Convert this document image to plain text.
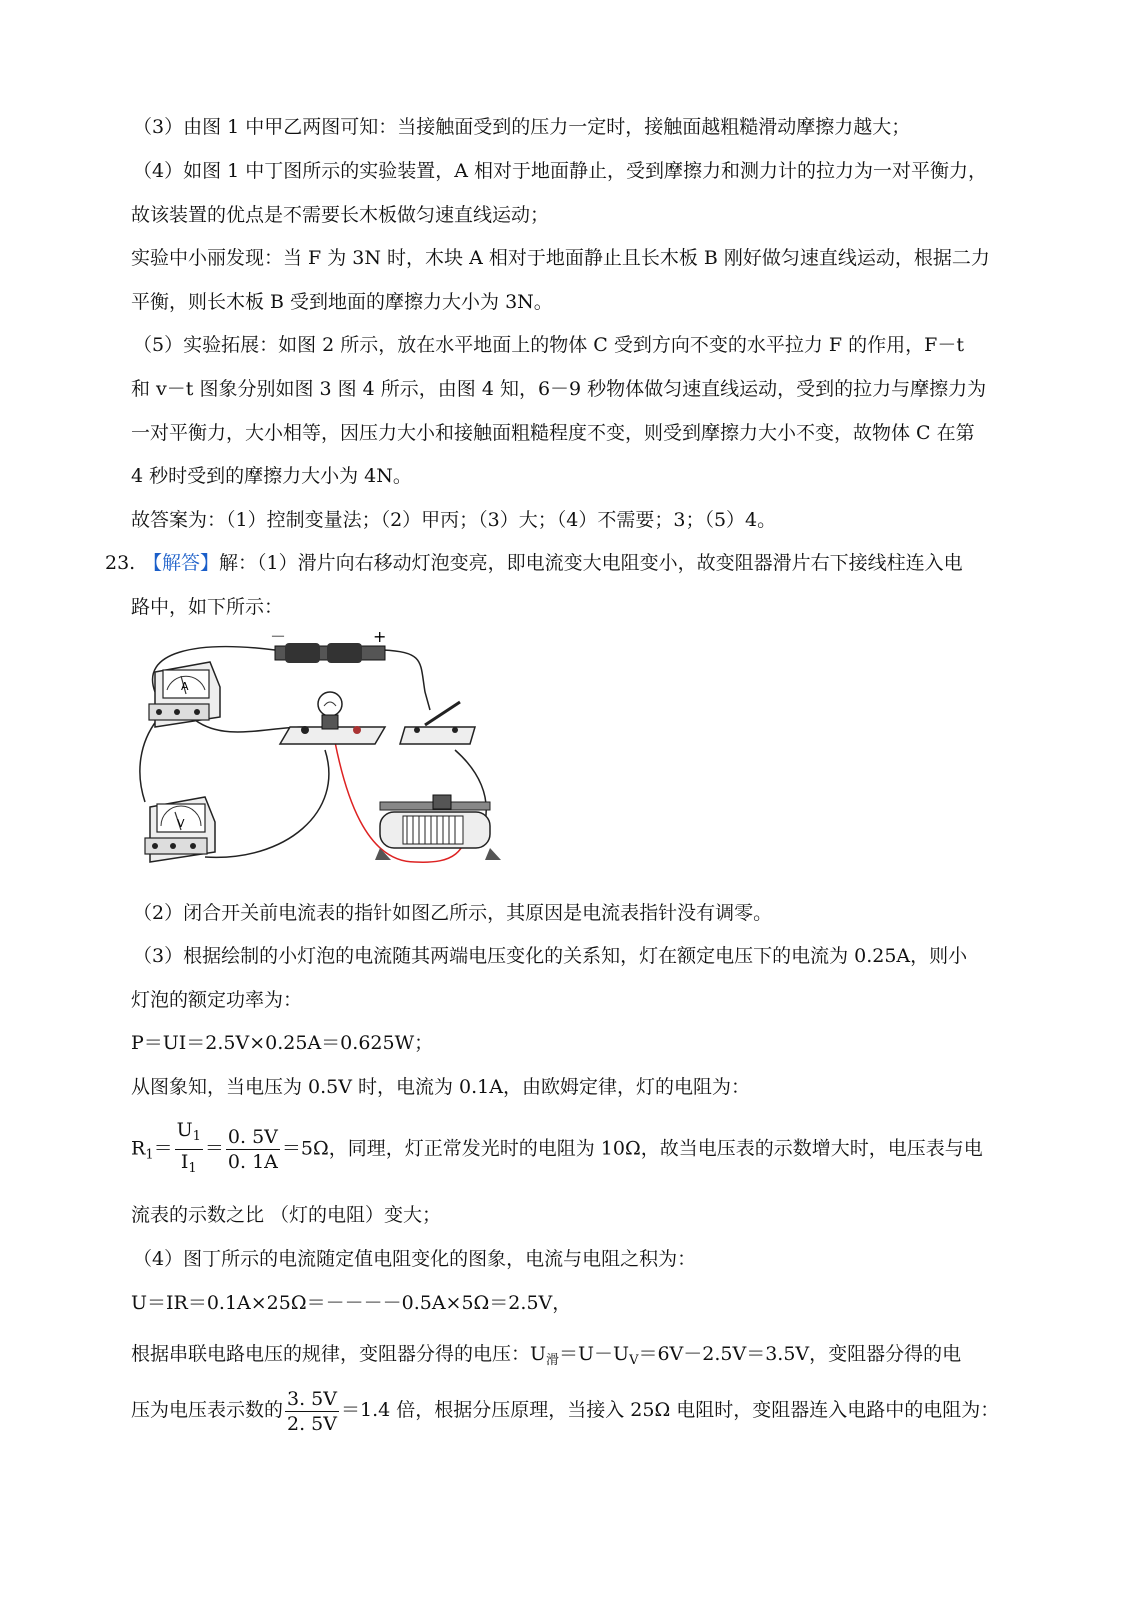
（3）由图 1 中甲乙两图可知：当接触面受到的压力一定时，接触面越粗糙滑动摩擦力越大；
（4）如图 1 中丁图所示的实验装置，A 相对于地面静止，受到摩擦力和测力计的拉力为一对平衡力，
故该装置的优点是不需要长木板做匀速直线运动；
实验中小丽发现：当 F 为 3N 时，木块 A 相对于地面静止且长木板 B 刚好做匀速直线运动，根据二力
平衡，则长木板 B 受到地面的摩擦力大小为 3N。
（5）实验拓展：如图 2 所示，放在水平地面上的物体 C 受到方向不变的水平拉力 F 的作用，F－t
和 v－t 图象分别如图 3 图 4 所示，由图 4 知，6－9 秒物体做匀速直线运动，受到的拉力与摩擦力为
一对平衡力，大小相等，因压力大小和接触面粗糙程度不变，则受到摩擦力大小不变，故物体 C 在第
4 秒时受到的摩擦力大小为 4N。
故答案为：（1）控制变量法；（2）甲丙；（3）大；（4）不需要；3；（5）4。
23. 【解答】解：（1）滑片向右移动灯泡变亮，即电流变大电阻变小，故变阻器滑片右下接线柱连入电
路中，如下所示：
－	+
A
V
（2）闭合开关前电流表的指针如图乙所示，其原因是电流表指针没有调零。
（3）根据绘制的小灯泡的电流随其两端电压变化的关系知，灯在额定电压下的电流为 0.25A，则小
灯泡的额定功率为：
P＝UI＝2.5V×0.25A＝0.625W；
从图象知，当电压为 0.5V 时，电流为 0.1A，由欧姆定律，灯的电阻为：
$R_1= \frac{U_1}{I_1} = \frac{0. 5V}{0. 1A} =5\Omega$，同理，灯正常发光时的电阻为 10Ω，故当电压表的示数增大时，电压表与电
流表的示数之比 （灯的电阻）变大；
（4）图丁所示的电流随定值电阻变化的图象，电流与电阻之积为：
U＝IR＝0.1A×25Ω＝－－－－0.5A×5Ω＝2.5V，
根据串联电路电压的规律，变阻器分得的电压：$U_滑=U-U_V=6V-2.5V=3.5V$，变阻器分得的电
压为电压表示数的 $\frac{3. 5V}{2. 5V} =1.4$ 倍，根据分压原理，当接入 25Ω 电阻时，变阻器连入电路中的电阻为：
